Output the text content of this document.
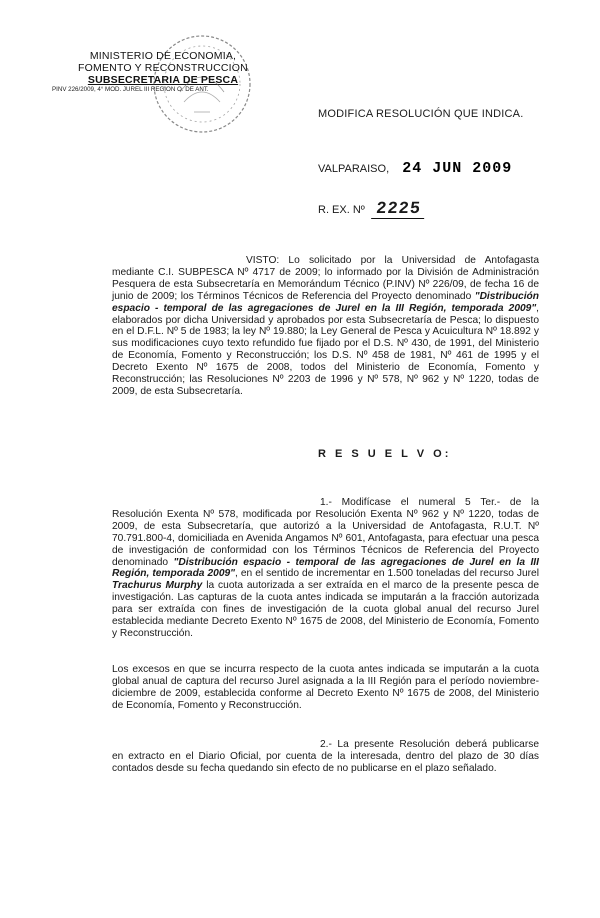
MINISTERIO DE ECONOMIA,
FOMENTO Y RECONSTRUCCION
SUBSECRETARIA DE PESCA
PINV 226/2009, 4° MOD. JUREL III REGION O. DE ANT.
MODIFICA RESOLUCIÓN QUE INDICA.
VALPARAISO, 24 JUN 2009
R. EX. Nº 2225
VISTO: Lo solicitado por la Universidad de Antofagasta mediante C.I. SUBPESCA Nº 4717 de 2009; lo informado por la División de Administración Pesquera de esta Subsecretaría en Memorándum Técnico (P.INV) Nº 226/09, de fecha 16 de junio de 2009; los Términos Técnicos de Referencia del Proyecto denominado "Distribución espacio - temporal de las agregaciones de Jurel en la III Región, temporada 2009", elaborados por dicha Universidad y aprobados por esta Subsecretaría de Pesca; lo dispuesto en el D.F.L. Nº 5 de 1983; la ley Nº 19.880; la Ley General de Pesca y Acuicultura Nº 18.892 y sus modificaciones cuyo texto refundido fue fijado por el D.S. Nº 430, de 1991, del Ministerio de Economía, Fomento y Reconstrucción; los D.S. Nº 458 de 1981, Nº 461 de 1995 y el Decreto Exento Nº 1675 de 2008, todos del Ministerio de Economía, Fomento y Reconstrucción; las Resoluciones Nº 2203 de 1996 y Nº 578, Nº 962 y Nº 1220, todas de 2009, de esta Subsecretaría.
R E S U E L V O:
1.- Modifícase el numeral 5 Ter.- de la Resolución Exenta Nº 578, modificada por Resolución Exenta Nº 962 y Nº 1220, todas de 2009, de esta Subsecretaría, que autorizó a la Universidad de Antofagasta, R.U.T. Nº 70.791.800-4, domiciliada en Avenida Angamos Nº 601, Antofagasta, para efectuar una pesca de investigación de conformidad con los Términos Técnicos de Referencia del Proyecto denominado "Distribución espacio - temporal de las agregaciones de Jurel en la III Región, temporada 2009", en el sentido de incrementar en 1.500 toneladas del recurso Jurel Trachurus Murphy la cuota autorizada a ser extraída en el marco de la presente pesca de investigación. Las capturas de la cuota antes indicada se imputarán a la fracción autorizada para ser extraída con fines de investigación de la cuota global anual del recurso Jurel establecida mediante Decreto Exento Nº 1675 de 2008, del Ministerio de Economía, Fomento y Reconstrucción.
Los excesos en que se incurra respecto de la cuota antes indicada se imputarán a la cuota global anual de captura del recurso Jurel asignada a la III Región para el período noviembre-diciembre de 2009, establecida conforme al Decreto Exento Nº 1675 de 2008, del Ministerio de Economía, Fomento y Reconstrucción.
2.- La presente Resolución deberá publicarse en extracto en el Diario Oficial, por cuenta de la interesada, dentro del plazo de 30 días contados desde su fecha quedando sin efecto de no publicarse en el plazo señalado.
